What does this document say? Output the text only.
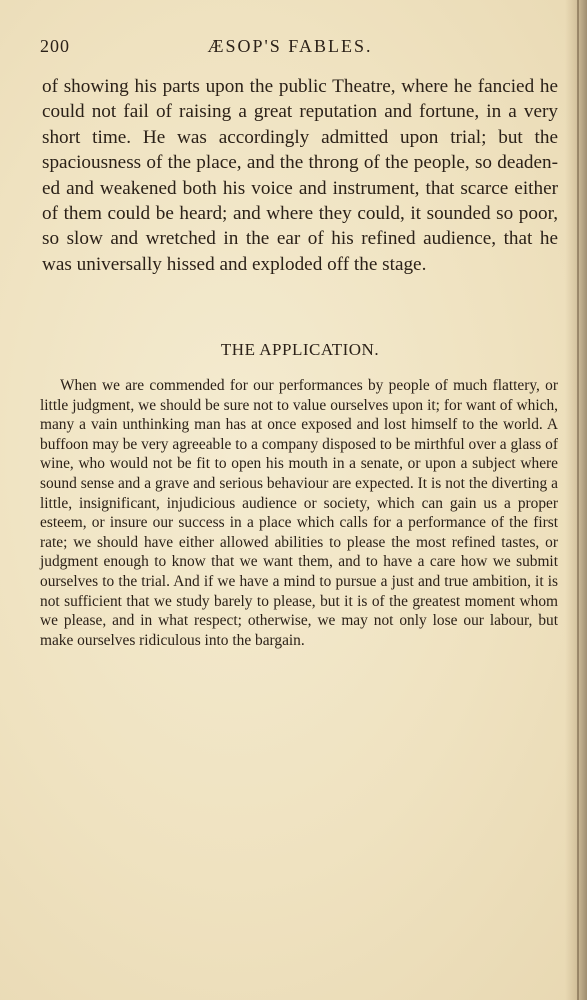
200	ÆSOP'S FABLES.

of showing his parts upon the public Theatre, where he fancied he could not fail of raising a great reputation and fortune, in a very short time. He was accordingly admitted upon trial; but the spaciousness of the place, and the throng of the people, so deadened and weakened both his voice and instrument, that scarce either of them could be heard; and where they could, it sounded so poor, so slow and wretched in the ear of his refined audience, that he was universally hissed and exploded off the stage.

THE APPLICATION.

When we are commended for our performances by people of much flattery, or little judgment, we should be sure not to value ourselves upon it; for want of which, many a vain unthinking man has at once exposed and lost himself to the world. A buffoon may be very agreeable to a company disposed to be mirthful over a glass of wine, who would not be fit to open his mouth in a senate, or upon a subject where sound sense and a grave and serious behaviour are expected. It is not the diverting a little, insignificant, injudicious audience or society, which can gain us a proper esteem, or insure our success in a place which calls for a performance of the first rate; we should have either allowed abilities to please the most refined tastes, or judgment enough to know that we want them, and to have a care how we submit ourselves to the trial. And if we have a mind to pursue a just and true ambition, it is not sufficient that we study barely to please, but it is of the greatest moment whom we please, and in what respect; otherwise, we may not only lose our labour, but make ourselves ridiculous into the bargain.
